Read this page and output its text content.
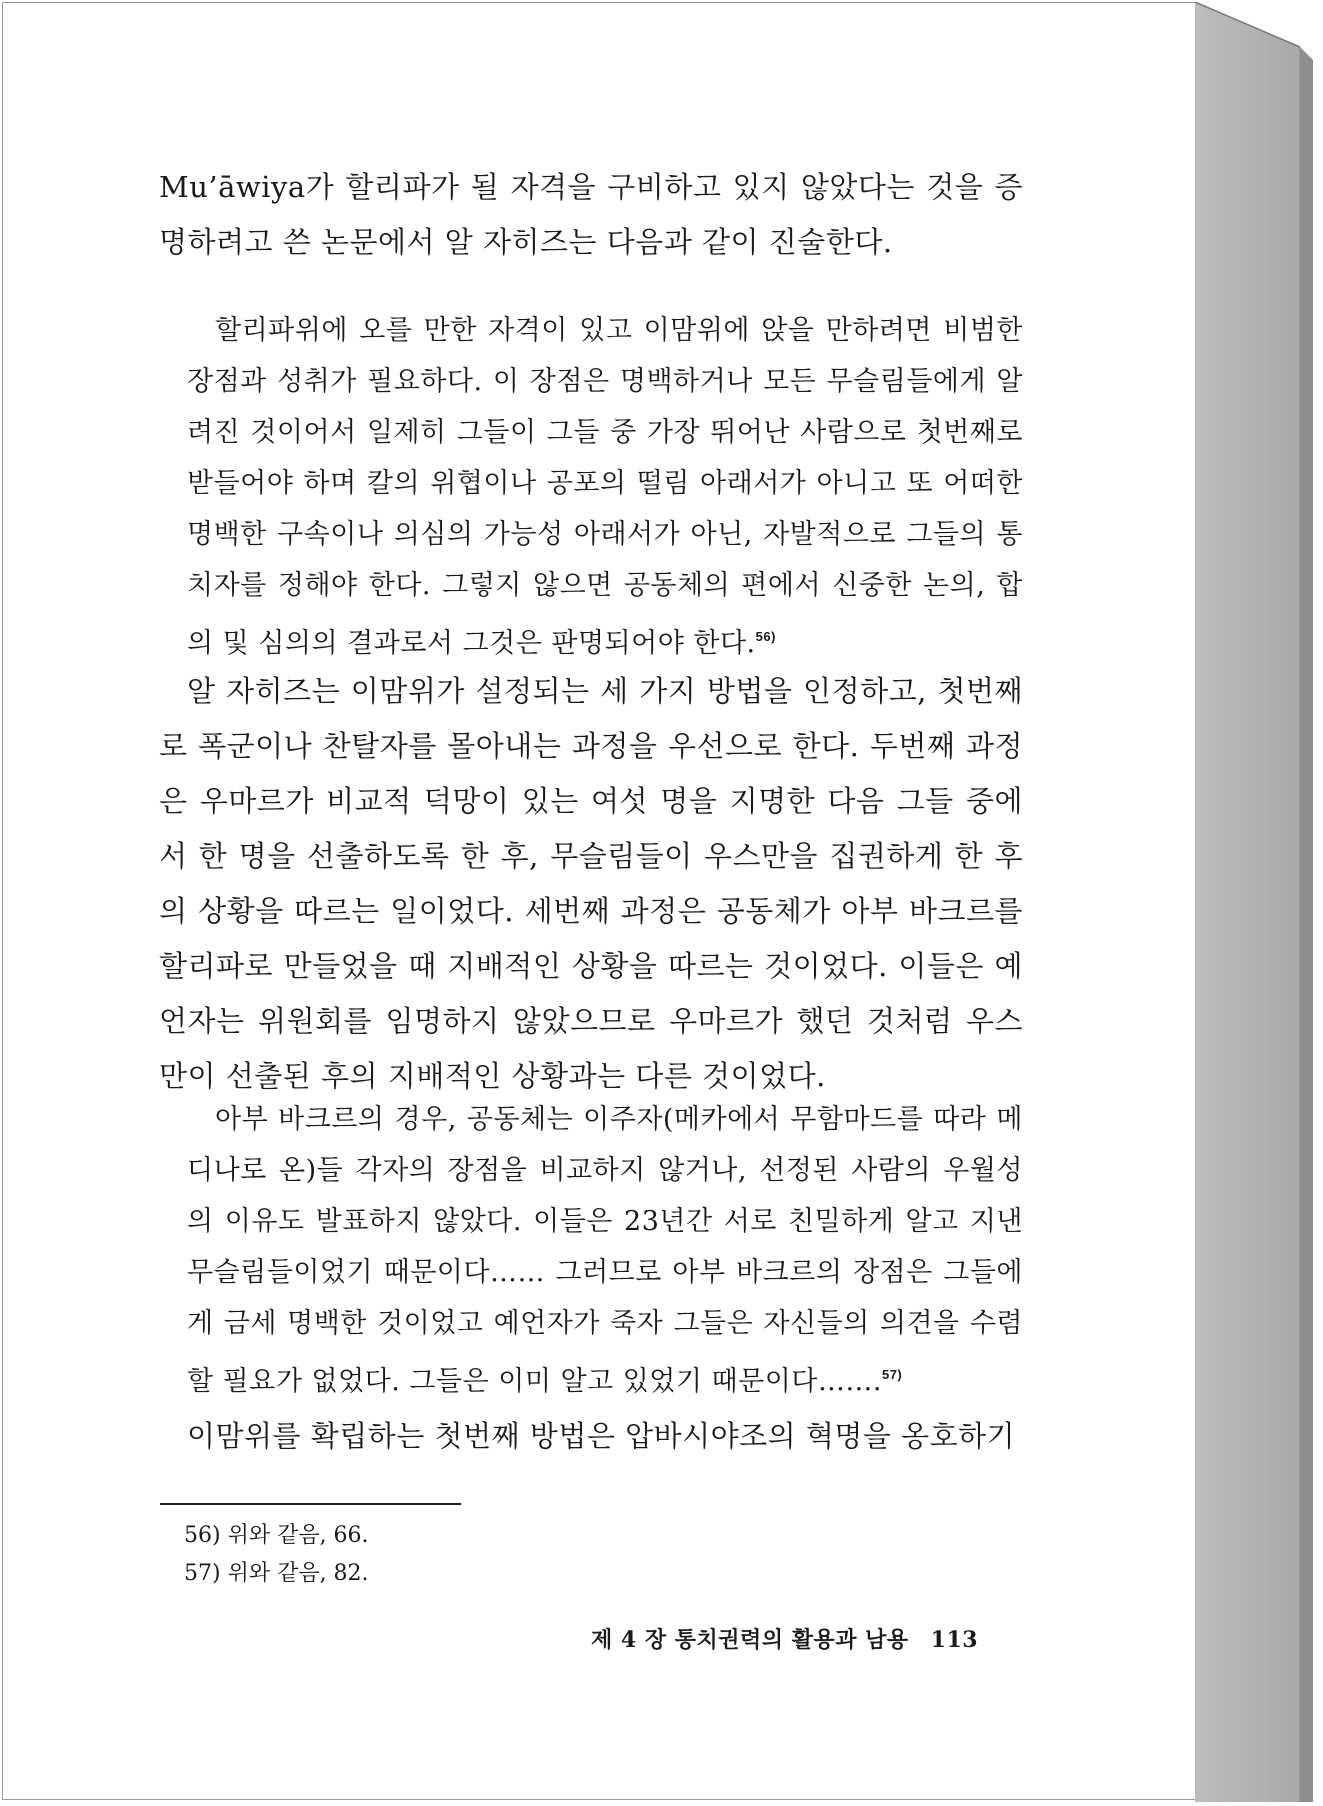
Mu’āwiya가 할리파가 될 자격을 구비하고 있지 않았다는 것을 증명하려고 쓴 논문에서 알 자히즈는 다음과 같이 진술한다.
할리파위에 오를 만한 자격이 있고 이맘위에 앉을 만하려면 비범한 장점과 성취가 필요하다. 이 장점은 명백하거나 모든 무슬림들에게 알려진 것이어서 일제히 그들이 그들 중 가장 뛰어난 사람으로 첫번째로 받들어야 하며 칼의 위협이나 공포의 떨림 아래서가 아니고 또 어떠한 명백한 구속이나 의심의 가능성 아래서가 아닌, 자발적으로 그들의 통치자를 정해야 한다. 그렇지 않으면 공동체의 편에서 신중한 논의, 합의 및 심의의 결과로서 그것은 판명되어야 한다.$^{56)}$
알 자히즈는 이맘위가 설정되는 세 가지 방법을 인정하고, 첫번째로 폭군이나 찬탈자를 몰아내는 과정을 우선으로 한다. 두번째 과정은 우마르가 비교적 덕망이 있는 여섯 명을 지명한 다음 그들 중에서 한 명을 선출하도록 한 후, 무슬림들이 우스만을 집권하게 한 후의 상황을 따르는 일이었다. 세번째 과정은 공동체가 아부 바크르를 할리파로 만들었을 때 지배적인 상황을 따르는 것이었다. 이들은 예언자는 위원회를 임명하지 않았으므로 우마르가 했던 것처럼 우스만이 선출된 후의 지배적인 상황과는 다른 것이었다.
아부 바크르의 경우, 공동체는 이주자(메카에서 무함마드를 따라 메디나로 온)들 각자의 장점을 비교하지 않거나, 선정된 사람의 우월성의 이유도 발표하지 않았다. 이들은 23년간 서로 친밀하게 알고 지낸 무슬림들이었기 때문이다…… 그러므로 아부 바크르의 장점은 그들에게 금세 명백한 것이었고 예언자가 죽자 그들은 자신들의 의견을 수렴할 필요가 없었다. 그들은 이미 알고 있었기 때문이다…….$^{57)}$
이맘위를 확립하는 첫번째 방법은 압바시야조의 혁명을 옹호하기
56) 위와 같음, 66.
57) 위와 같음, 82.
제 4 장 통치권력의 활용과 남용 113
